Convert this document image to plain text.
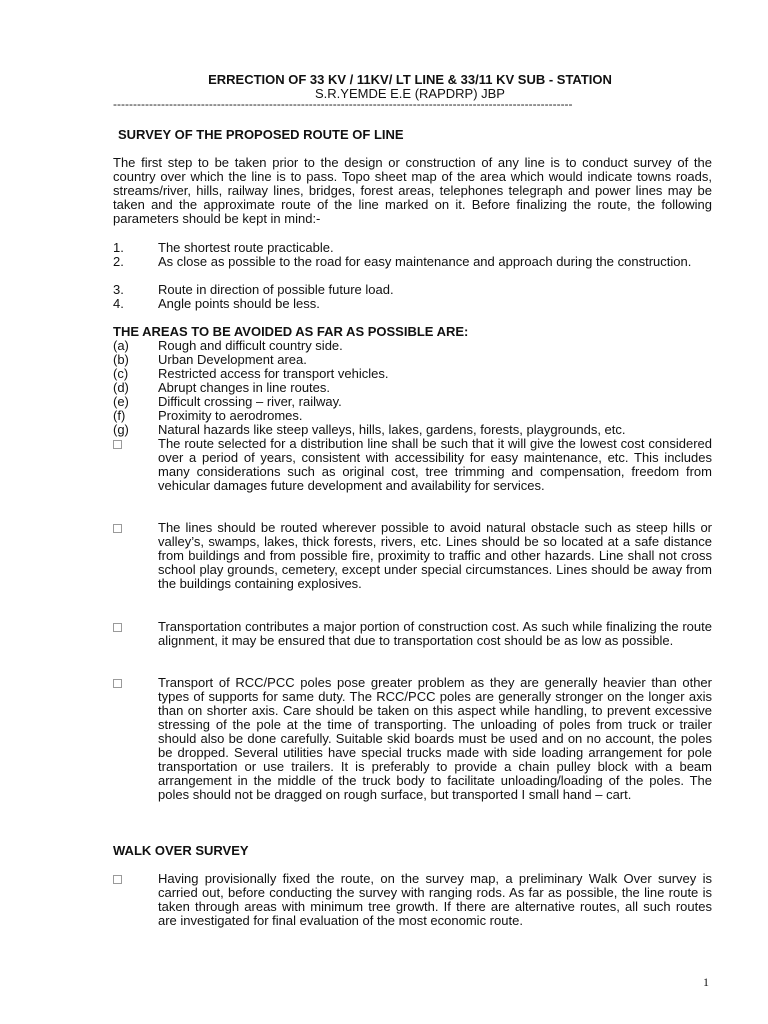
ERRECTION OF 33 KV / 11KV/ LT LINE & 33/11 KV SUB - STATION
S.R.YEMDE E.E (RAPDRP) JBP
-------------------------------------------------------------------------------------------------------------------
SURVEY OF THE PROPOSED ROUTE OF LINE
The first step to be taken prior to the design or construction of any line is to conduct survey of the country over which the line is to pass. Topo sheet map of the area which would indicate towns roads, streams/river, hills, railway lines, bridges, forest areas, telephones telegraph and power lines may be taken and the approximate route of the line marked on it. Before finalizing the route, the following parameters should be kept in mind:-
1.	The shortest route practicable.
2.	As close as possible to the road for easy maintenance and approach during the construction.
3.	Route in direction of possible future load.
4.	Angle points should be less.
THE AREAS TO BE AVOIDED AS FAR AS POSSIBLE ARE:
(a) Rough and difficult country side.
(b) Urban Development area.
(c) Restricted access for transport vehicles.
(d) Abrupt changes in line routes.
(e) Difficult crossing – river, railway.
(f)	Proximity to aerodromes.
(g) Natural hazards like steep valleys, hills, lakes, gardens, forests, playgrounds, etc.
The route selected for a distribution line shall be such that it will give the lowest cost considered over a period of years, consistent with accessibility for easy maintenance, etc. This includes many considerations such as original cost, tree trimming and compensation, freedom from vehicular damages future development and availability for services.
The lines should be routed wherever possible to avoid natural obstacle such as steep hills or valley’s, swamps, lakes, thick forests, rivers, etc. Lines should be so located at a safe distance from buildings and from possible fire, proximity to traffic and other hazards. Line shall not cross school play grounds, cemetery, except under special circumstances. Lines should be away from the buildings containing explosives.
Transportation contributes a major portion of construction cost. As such while finalizing the route alignment, it may be ensured that due to transportation cost should be as low as possible.
Transport of RCC/PCC poles pose greater problem as they are generally heavier than other types of supports for same duty. The RCC/PCC poles are generally stronger on the longer axis than on shorter axis. Care should be taken on this aspect while handling, to prevent excessive stressing of the pole at the time of transporting. The unloading of poles from truck or trailer should also be done carefully. Suitable skid boards must be used and on no account, the poles be dropped. Several utilities have special trucks made with side loading arrangement for pole transportation or use trailers. It is preferably to provide a chain pulley block with a beam arrangement in the middle of the truck body to facilitate unloading/loading of the poles. The poles should not be dragged on rough surface, but transported I small hand – cart.
WALK OVER SURVEY
Having provisionally fixed the route, on the survey map, a preliminary Walk Over survey is carried out, before conducting the survey with ranging rods. As far as possible, the line route is taken through areas with minimum tree growth. If there are alternative routes, all such routes are investigated for final evaluation of the most economic route.
1
